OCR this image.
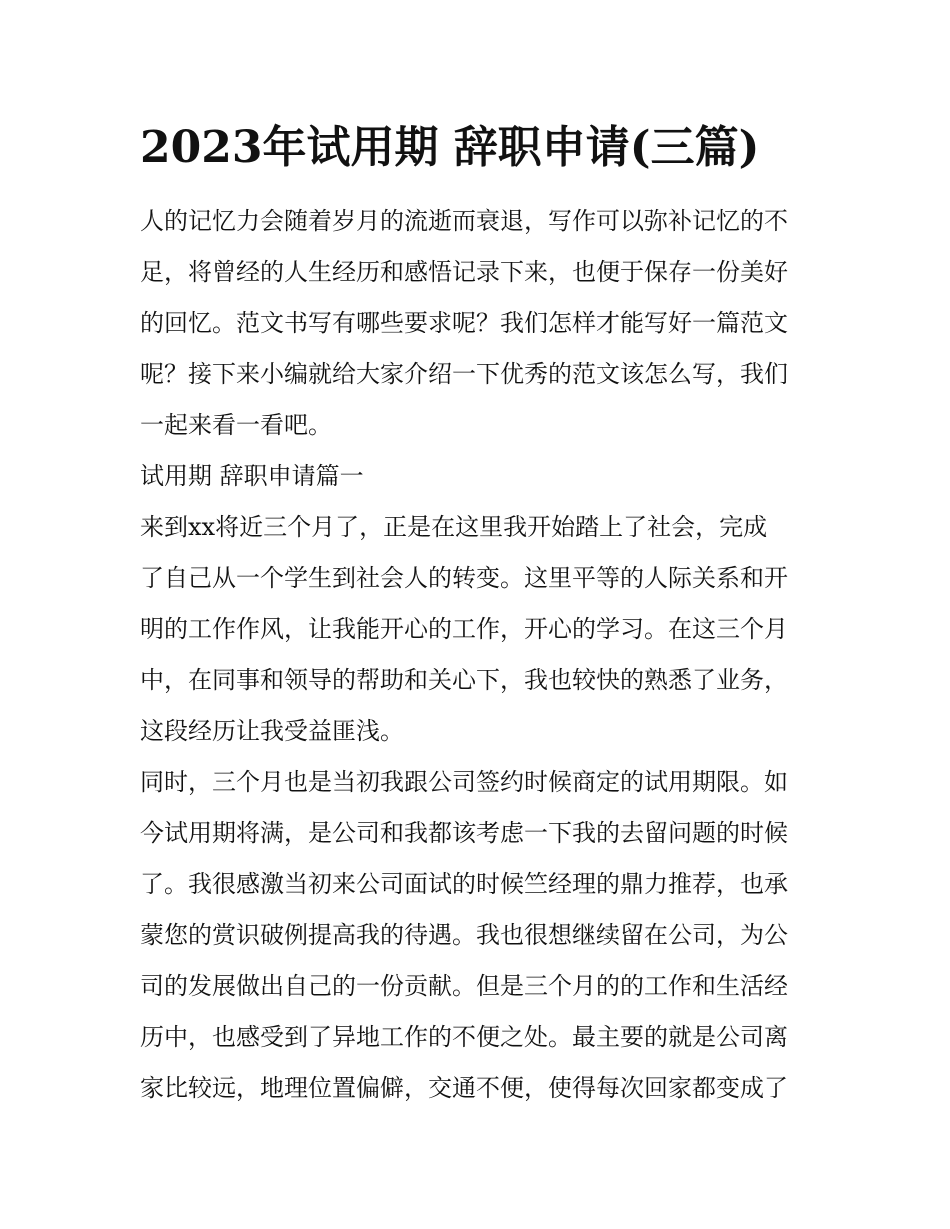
2023年试用期 辞职申请(三篇)
人的记忆力会随着岁月的流逝而衰退，写作可以弥补记忆的不
足，将曾经的人生经历和感悟记录下来，也便于保存一份美好
的回忆。范文书写有哪些要求呢？我们怎样才能写好一篇范文
呢？接下来小编就给大家介绍一下优秀的范文该怎么写，我们
一起来看一看吧。
试用期 辞职申请篇一
来到xx将近三个月了，正是在这里我开始踏上了社会，完成
了自己从一个学生到社会人的转变。这里平等的人际关系和开
明的工作作风，让我能开心的工作，开心的学习。在这三个月
中，在同事和领导的帮助和关心下，我也较快的熟悉了业务，
这段经历让我受益匪浅。
同时，三个月也是当初我跟公司签约时候商定的试用期限。如
今试用期将满，是公司和我都该考虑一下我的去留问题的时候
了。我很感激当初来公司面试的时候竺经理的鼎力推荐，也承
蒙您的赏识破例提高我的待遇。我也很想继续留在公司，为公
司的发展做出自己的一份贡献。但是三个月的的工作和生活经
历中，也感受到了异地工作的不便之处。最主要的就是公司离
家比较远，地理位置偏僻，交通不便，使得每次回家都变成了
